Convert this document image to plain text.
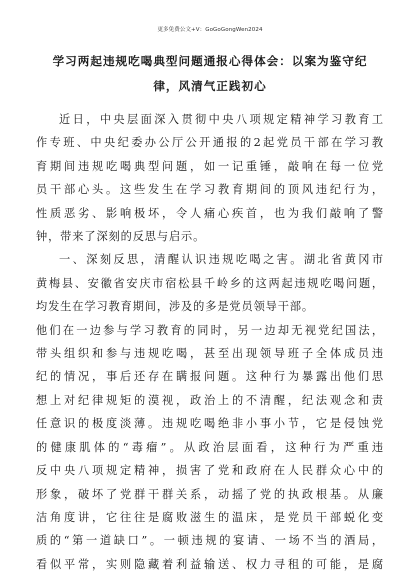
更多免费公文+V：GoGoGongWen2024
学习两起违规吃喝典型问题通报心得体会：以案为鉴守纪
律，风清气正践初心
近日，中央层面深入贯彻中央八项规定精神学习教育工
作专班、中央纪委办公厅公开通报的2起党员干部在学习教
育期间违规吃喝典型问题，如一记重锤，敲响在每一位党
员干部心头。这些发生在学习教育期间的顶风违纪行为，
性质恶劣、影响极坏，令人痛心疾首，也为我们敲响了警
钟，带来了深刻的反思与启示。
一、深刻反思，清醒认识违规吃喝之害。湖北省黄冈市
黄梅县、安徽省安庆市宿松县千岭乡的这两起违规吃喝问题，
均发生在学习教育期间，涉及的多是党员领导干部。
他们在一边参与学习教育的同时，另一边却无视党纪国法，
带头组织和参与违规吃喝，甚至出现领导班子全体成员违
纪的情况，事后还存在瞒报问题。这种行为暴露出他们思
想上对纪律规矩的漠视，政治上的不清醒，纪法观念和责
任意识的极度淡薄。违规吃喝绝非小事小节，它是侵蚀党
的健康肌体的“毒瘤”。从政治层面看，这种行为严重违
反中央八项规定精神，损害了党和政府在人民群众心中的
形象，破坏了党群干群关系，动摇了党的执政根基。从廉
洁角度讲，它往往是腐败滋生的温床，是党员干部蜕化变
质的“第一道缺口”。一顿违规的宴请、一场不当的酒局，
看似平常，实则隐藏着利益输送、权力寻租的可能，是腐
